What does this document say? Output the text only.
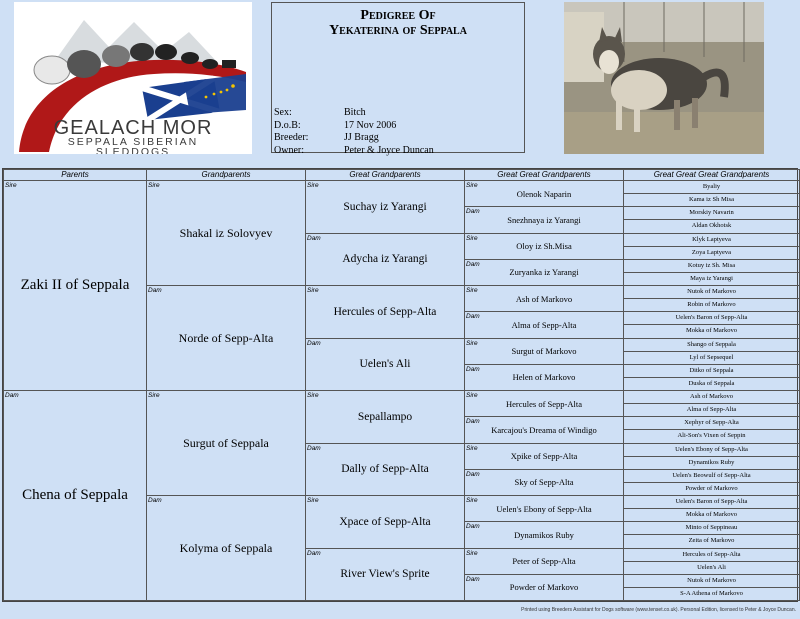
GEALACH MOR
SEPPALA SIBERIAN
SLEDDOGS
Pedigree Of
Yekaterina of Seppala
Sex:	Bitch
D.o.B:	17 Nov 2006
Breeder:	JJ Bragg
Owner:	Peter & Joyce Duncan
Parents	Grandparents	Great Grandparents	Great Great Grandparents	Great Great Great Grandparents

Sire
Zaki II of Seppala	Sire
Shakal iz Solovyev	Sire
Suchay iz Yarangi	Sire
Olenok Naparin	Byaliy
				Kama iz Sh Misa

			Dam
Snezhnaya iz Yarangi	Morskiy Navarin
				Aldan Okhotsk

		Dam
Adycha iz Yarangi	Sire
Oloy iz Sh.Misa	Klyk Laptyeva
				Zoya Laptyeva

			Dam
Zuryanka iz Yarangi	Kotuy iz Sh. Misa
				Maya iz Yarangi

	Dam
Norde of Sepp-Alta	Sire
Hercules of Sepp-Alta	Sire
Ash of Markovo	Nutok of Markovo
				Robin of Markovo

			Dam
Alma of Sepp-Alta	Uelen's Baron of Sepp-Alta
				Mokka of Markovo

		Dam
Uelen's Ali	Sire
Surgut of Markovo	Shango of Seppala
				Lyl of Sepsequel

			Dam
Helen of Markovo	Ditko of Seppala
				Duska of Seppala

Dam
Chena of Seppala	Sire
Surgut of Seppala	Sire
Sepallampo	Sire
Hercules of Sepp-Alta	Ash of Markovo
				Alma of Sepp-Alta

			Dam
Karcajou's Dreama of Windigo	Xephyr of Sepp-Alta
				Ali-Son's Vixen of Seppin

		Dam
Dally of Sepp-Alta	Sire
Xpike of Sepp-Alta	Uelen's Ebony of Sepp-Alta
				Dynamikos Ruby

			Dam
Sky of Sepp-Alta	Uelen's Beowulf of Sepp-Alta
				Powder of Markovo

	Dam
Kolyma of Seppala	Sire
Xpace of Sepp-Alta	Sire
Uelen's Ebony of Sepp-Alta	Uelen's Baron of Sepp-Alta
				Mokka of Markovo

			Dam
Dynamikos Ruby	Minto of Seppineau
				Zeita of Markovo

		Dam
River View's Sprite	Sire
Peter of Sepp-Alta	Hercules of Sepp-Alta
				Uelen's Ali

			Dam
Powder of Markovo	Nutok of Markovo
				S-A Athena of Markovo
Printed using Breeders Assistant for Dogs software (www.tenset.co.uk). Personal Edition, licensed to Peter & Joyce Duncan.
